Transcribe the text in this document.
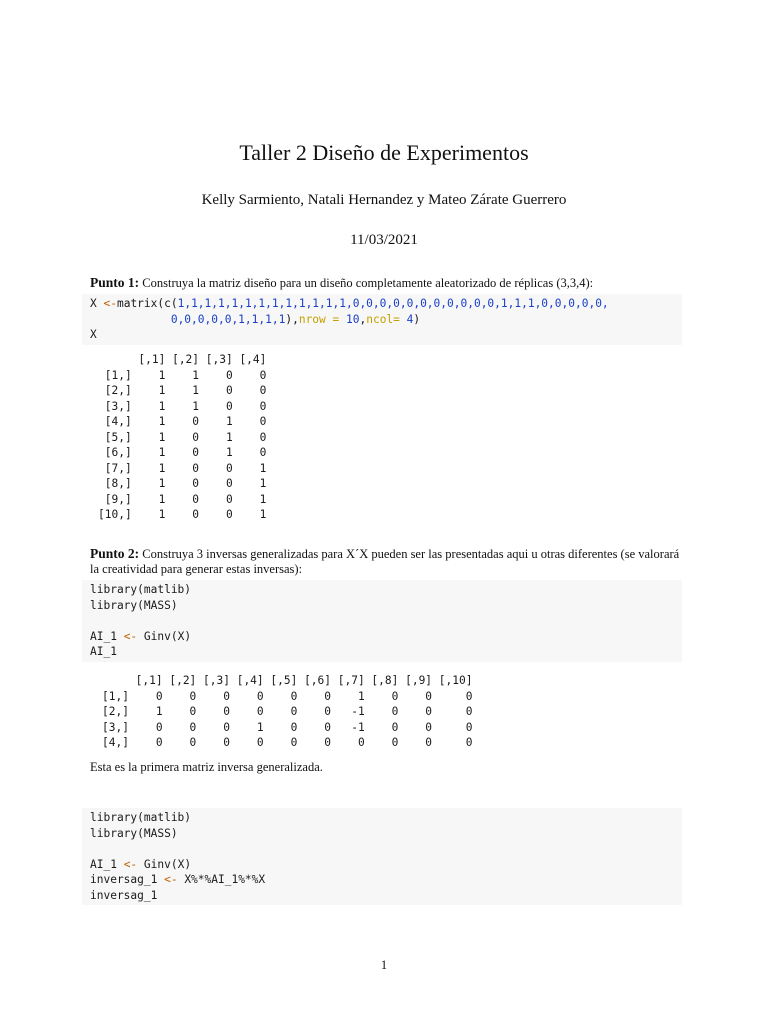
Taller 2 Diseño de Experimentos
Kelly Sarmiento, Natali Hernandez y Mateo Zárate Guerrero
11/03/2021
Punto 1: Construya la matriz diseño para un diseño completamente aleatorizado de réplicas (3,3,4):
X <-matrix(c(1,1,1,1,1,1,1,1,1,1,1,1,1,0,0,0,0,0,0,0,0,0,0,0,1,1,1,0,0,0,0,0,
0,0,0,0,0,1,1,1,1),nrow = 10,ncol= 4)
X
[,1] [,2] [,3] [,4]
[1,]    1    1    0    0
[2,]    1    1    0    0
[3,]    1    1    0    0
[4,]    1    0    1    0
[5,]    1    0    1    0
[6,]    1    0    1    0
[7,]    1    0    0    1
[8,]    1    0    0    1
[9,]    1    0    0    1
[10,]    1    0    0    1
Punto 2: Construya 3 inversas generalizadas para X´X pueden ser las presentadas aqui u otras diferentes (se valorará la creatividad para generar estas inversas):
library(matlib)
library(MASS)

AI_1 <- Ginv(X)
AI_1
[,1] [,2] [,3] [,4] [,5] [,6] [,7] [,8] [,9] [,10]
[1,]    0    0    0    0    0    0    1    0    0     0
[2,]    1    0    0    0    0    0   -1    0    0     0
[3,]    0    0    0    1    0    0   -1    0    0     0
[4,]    0    0    0    0    0    0    0    0    0     0
Esta es la primera matriz inversa generalizada.
library(matlib)
library(MASS)

AI_1 <- Ginv(X)
inversag_1 <- X%*%AI_1%*%X
inversag_1
1
